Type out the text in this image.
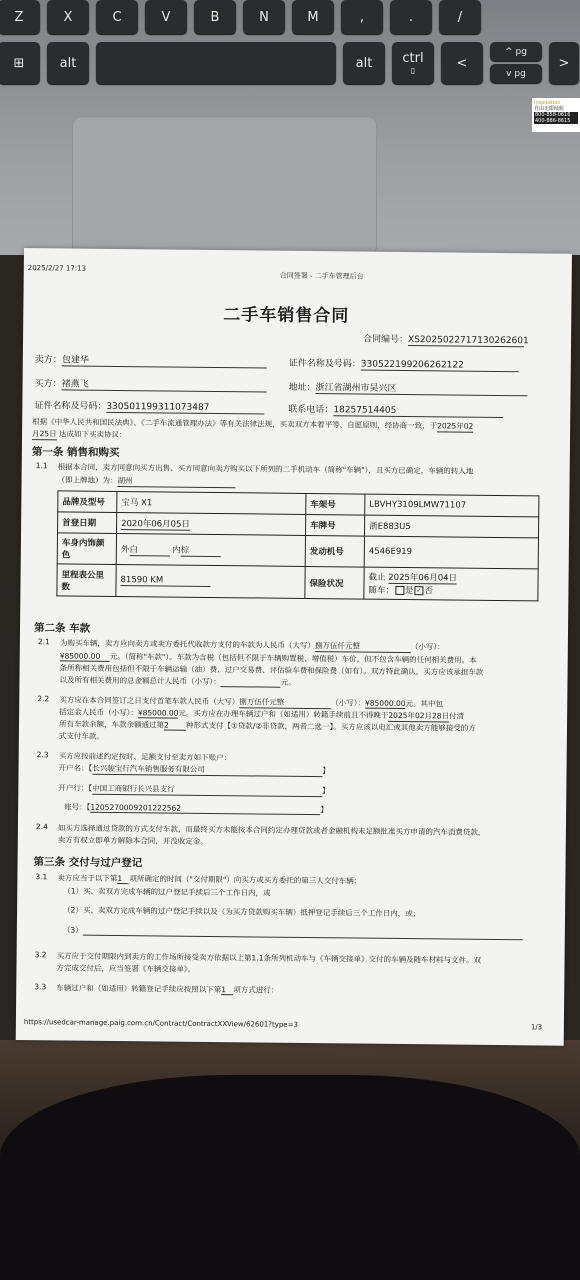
Z	X	C	V	B	N	M	,	.	/
⊞	alt	alt	ctrl
▯	<
^
pg
v
pg
>
Inspiration
自由无限续航
800-858-0616
400-886-8615
2025/2/27 17:13
合同签署 - 二手车管理后台
二手车销售合同
合同编号：XS2025022717130262601
卖方：包建华	证件名称及号码：330522199206262122
买方：褚燕飞	地址：浙江省湖州市吴兴区
证件名称及号码：330501199311073487	联系电话：18257514405
根据《中华人民共和国民法典》、《二手车流通管理办法》等有关法律法规，买卖双方本着平等、自愿原则，经协商一致，于2025年02
月25日 达成如下买卖协议：
第一条 销售和购买
1.1 根据本合同，卖方同意向买方出售、买方同意向卖方购买以下所列的二手机动车（简称"车辆"），且买方已确定，车辆的转入地
（即上牌地）为：湖州
品牌及型号	宝马 X1	车架号	LBVHY3109LMW71107
首登日期	2020年06月05日	车牌号	浙E883U5
车身内饰颜色	外白 内棕	发动机号	4546E919
里程表公里数	81590 KM	保险状况	截止 2025年06月04日
随车： 是 ✓ 否
第二条 车款
2.1 为购买车辆，卖方应向卖方或卖方委托代收款方支付的车款为人民币（大写）捌万伍仟元整	（小写）：
¥85000.00 元。（简称"车款"）。车款为含税（包括但不限于车辆购置税、增值税）车价，但不包含车辆的任何相关费用。本
条所称相关费用包括但不限于车辆运输（油）费、过户交易费、评估验车费和保险费（如有）。双方特此确认，买方应该承担车款
以及所有相关费用的总金额总计人民币（小写）：	元。
2.2 买方应在本合同签订之日支付首笔车款人民币（大写）捌万伍仟元整	（小写）：¥85000.00元。其中包
括定金人民币（小写）：¥85000.00元。买方应在办理车辆过户和（如适用）转籍手续前且不得晚于2025年02月28日付清
所有车款余额，车款余额通过第2 种形式支付【①贷款/②非贷款，两者二选一】。买方应该以电汇或其他卖方能够接受的方
式支付车款。
2.3 买方应按前述约定按时、足额支付至卖方如下账户：
开户名：【长兴骏宝行汽车销售服务有限公司	】
开户行：【中国工商银行长兴县支行	】
账号：【1205270009201222562	】
2.4 如买方选择通过贷款的方式支付车款，而最终买方未能按本合同约定办理贷款或者金融机构未足额批准买方申请的汽车消费贷款，
卖方有权立即单方解除本合同，并没收定金。
第三条 交付与过户登记
3.1 卖方应当于以下第1 项所确定的时间（"交付期限"）向买方或买方委托的第三人交付车辆：
（1）买、卖双方完成车辆的过户登记手续后三个工作日内，或
（2）买、卖双方完成车辆的过户登记手续以及（为买方贷款购买车辆）抵押登记手续后三个工作日内，或；
（3）
3.2 买方应于交付期限内到卖方的工作场所接受卖方依据以上第1.1条所列机动车与《车辆交接单》交付的车辆及随车材料与文件。双
方完成交付后，应当签署《车辆交接单》。
3.3 车辆过户和（如适用）转籍登记手续应按照以下第1 项方式进行：
https://usedcar-manage.paig.com.cn/Contract/ContractXXView/62601?type=3	1/3
